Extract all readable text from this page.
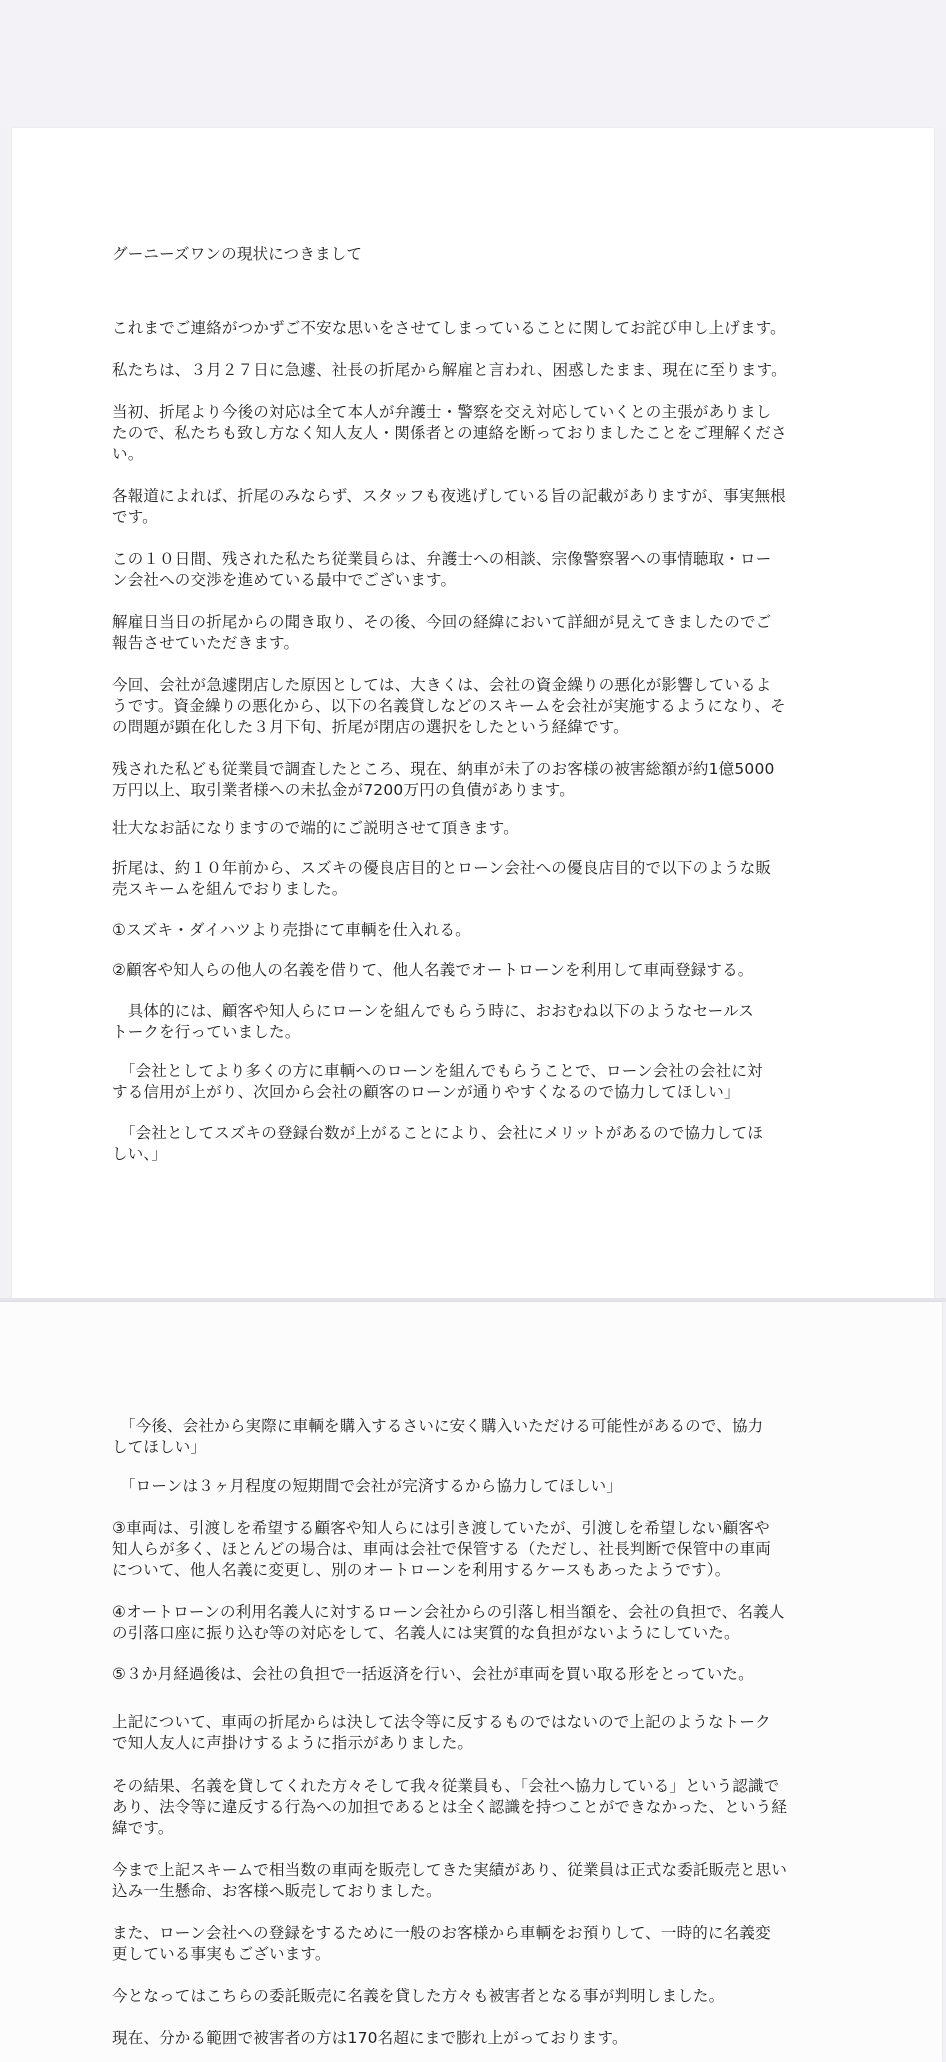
グーニーズワンの現状につきまして
これまでご連絡がつかずご不安な思いをさせてしまっていることに関してお詫び申し上げます。
私たちは、３月２７日に急遽、社長の折尾から解雇と言われ、困惑したまま、現在に至ります。
当初、折尾より今後の対応は全て本人が弁護士・警察を交え対応していくとの主張がありまし
たので、私たちも致し方なく知人友人・関係者との連絡を断っておりましたことをご理解くださ
い。
各報道によれば、折尾のみならず、スタッフも夜逃げしている旨の記載がありますが、事実無根
です。
この１０日間、残された私たち従業員らは、弁護士への相談、宗像警察署への事情聴取・ロー
ン会社への交渉を進めている最中でございます。
解雇日当日の折尾からの聞き取り、その後、今回の経緯において詳細が見えてきましたのでご
報告させていただきます。
今回、会社が急遽閉店した原因としては、大きくは、会社の資金繰りの悪化が影響しているよ
うです。資金繰りの悪化から、以下の名義貸しなどのスキームを会社が実施するようになり、そ
の問題が顕在化した３月下旬、折尾が閉店の選択をしたという経緯です。
残された私ども従業員で調査したところ、現在、納車が未了のお客様の被害総額が約1億5000
万円以上、取引業者様への未払金が7200万円の負債があります。
壮大なお話になりますので端的にご説明させて頂きます。
折尾は、約１０年前から、スズキの優良店目的とローン会社への優良店目的で以下のような販
売スキームを組んでおりました。
①スズキ・ダイハツより売掛にて車輌を仕入れる。
②顧客や知人らの他人の名義を借りて、他人名義でオートローンを利用して車両登録する。
　具体的には、顧客や知人らにローンを組んでもらう時に、おおむね以下のようなセールス
トークを行っていました。
　「会社としてより多くの方に車輌へのローンを組んでもらうことで、ローン会社の会社に対
する信用が上がり、次回から会社の顧客のローンが通りやすくなるので協力してほしい」
　「会社としてスズキの登録台数が上がることにより、会社にメリットがあるので協力してほ
しい、」
　「今後、会社から実際に車輌を購入するさいに安く購入いただける可能性があるので、協力
してほしい」
　「ローンは３ヶ月程度の短期間で会社が完済するから協力してほしい」
③車両は、引渡しを希望する顧客や知人らには引き渡していたが、引渡しを希望しない顧客や
知人らが多く、ほとんどの場合は、車両は会社で保管する（ただし、社長判断で保管中の車両
について、他人名義に変更し、別のオートローンを利用するケースもあったようです）。
④オートローンの利用名義人に対するローン会社からの引落し相当額を、会社の負担で、名義人
の引落口座に振り込む等の対応をして、名義人には実質的な負担がないようにしていた。
⑤３か月経過後は、会社の負担で一括返済を行い、会社が車両を買い取る形をとっていた。
上記について、車両の折尾からは決して法令等に反するものではないので上記のようなトーク
で知人友人に声掛けするように指示がありました。
その結果、名義を貸してくれた方々そして我々従業員も、「会社へ協力している」という認識で
あり、法令等に違反する行為への加担であるとは全く認識を持つことができなかった、という経
緯です。
今まで上記スキームで相当数の車両を販売してきた実績があり、従業員は正式な委託販売と思い
込み一生懸命、お客様へ販売しておりました。
また、ローン会社への登録をするために一般のお客様から車輌をお預りして、一時的に名義変
更している事実もございます。
今となってはこちらの委託販売に名義を貸した方々も被害者となる事が判明しました。
現在、分かる範囲で被害者の方は170名超にまで膨れ上がっております。
